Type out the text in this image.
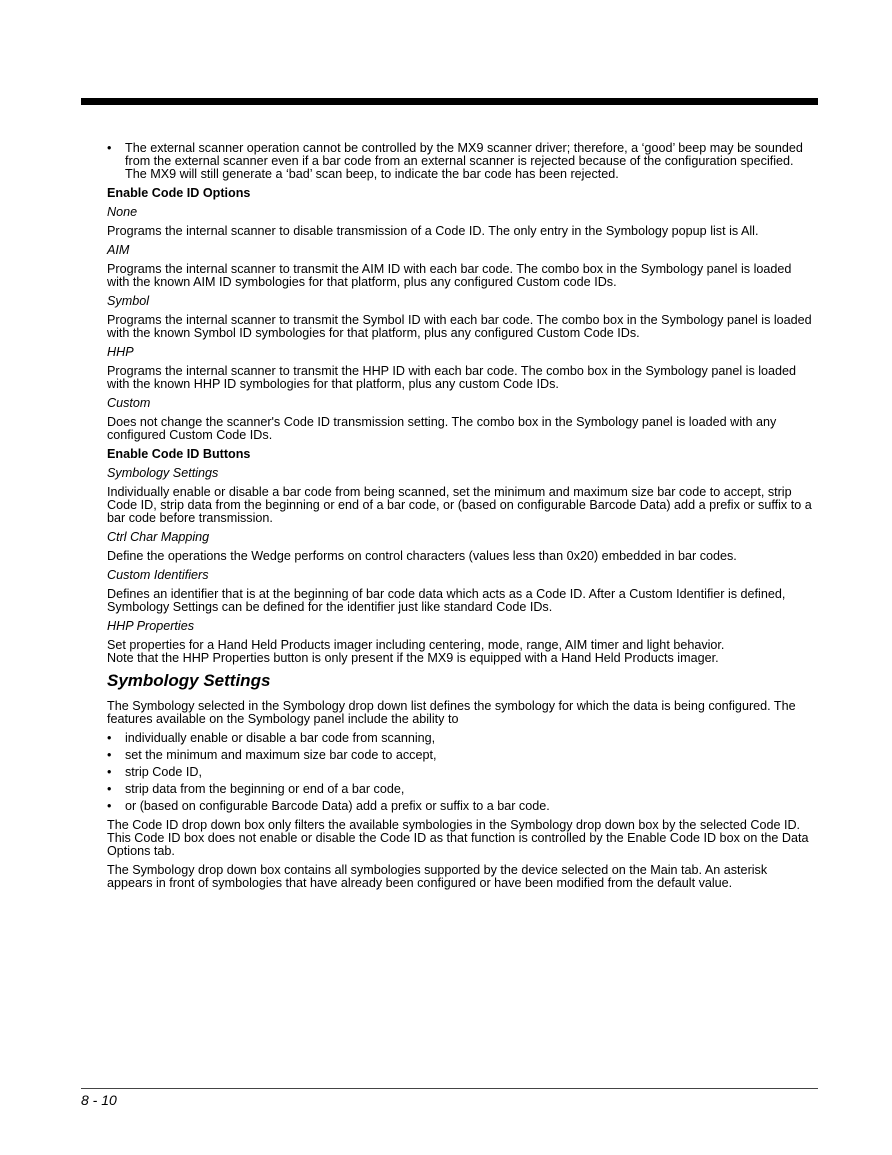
• The external scanner operation cannot be controlled by the MX9 scanner driver; therefore, a ‘good’ beep may be sounded from the external scanner even if a bar code from an external scanner is rejected because of the configuration specified. The MX9 will still generate a ‘bad’ scan beep, to indicate the bar code has been rejected.
Enable Code ID Options
None
Programs the internal scanner to disable transmission of a Code ID. The only entry in the Symbology popup list is All.
AIM
Programs the internal scanner to transmit the AIM ID with each bar code. The combo box in the Symbology panel is loaded with the known AIM ID symbologies for that platform, plus any configured Custom code IDs.
Symbol
Programs the internal scanner to transmit the Symbol ID with each bar code. The combo box in the Symbology panel is loaded with the known Symbol ID symbologies for that platform, plus any configured Custom Code IDs.
HHP
Programs the internal scanner to transmit the HHP ID with each bar code. The combo box in the Symbology panel is loaded with the known HHP ID symbologies for that platform, plus any custom Code IDs.
Custom
Does not change the scanner's Code ID transmission setting. The combo box in the Symbology panel is loaded with any configured Custom Code IDs.
Enable Code ID Buttons
Symbology Settings
Individually enable or disable a bar code from being scanned, set the minimum and maximum size bar code to accept, strip Code ID, strip data from the beginning or end of a bar code, or (based on configurable Barcode Data) add a prefix or suffix to a bar code before transmission.
Ctrl Char Mapping
Define the operations the Wedge performs on control characters (values less than 0x20) embedded in bar codes.
Custom Identifiers
Defines an identifier that is at the beginning of bar code data which acts as a Code ID. After a Custom Identifier is defined, Symbology Settings can be defined for the identifier just like standard Code IDs.
HHP Properties
Set properties for a Hand Held Products imager including centering, mode, range, AIM timer and light behavior.
Note that the HHP Properties button is only present if the MX9 is equipped with a Hand Held Products imager.
Symbology Settings
The Symbology selected in the Symbology drop down list defines the symbology for which the data is being configured. The features available on the Symbology panel include the ability to
• individually enable or disable a bar code from scanning,
• set the minimum and maximum size bar code to accept,
• strip Code ID,
• strip data from the beginning or end of a bar code,
• or (based on configurable Barcode Data) add a prefix or suffix to a bar code.
The Code ID drop down box only filters the available symbologies in the Symbology drop down box by the selected Code ID. This Code ID box does not enable or disable the Code ID as that function is controlled by the Enable Code ID box on the Data Options tab.
The Symbology drop down box contains all symbologies supported by the device selected on the Main tab. An asterisk appears in front of symbologies that have already been configured or have been modified from the default value.
8 - 10
